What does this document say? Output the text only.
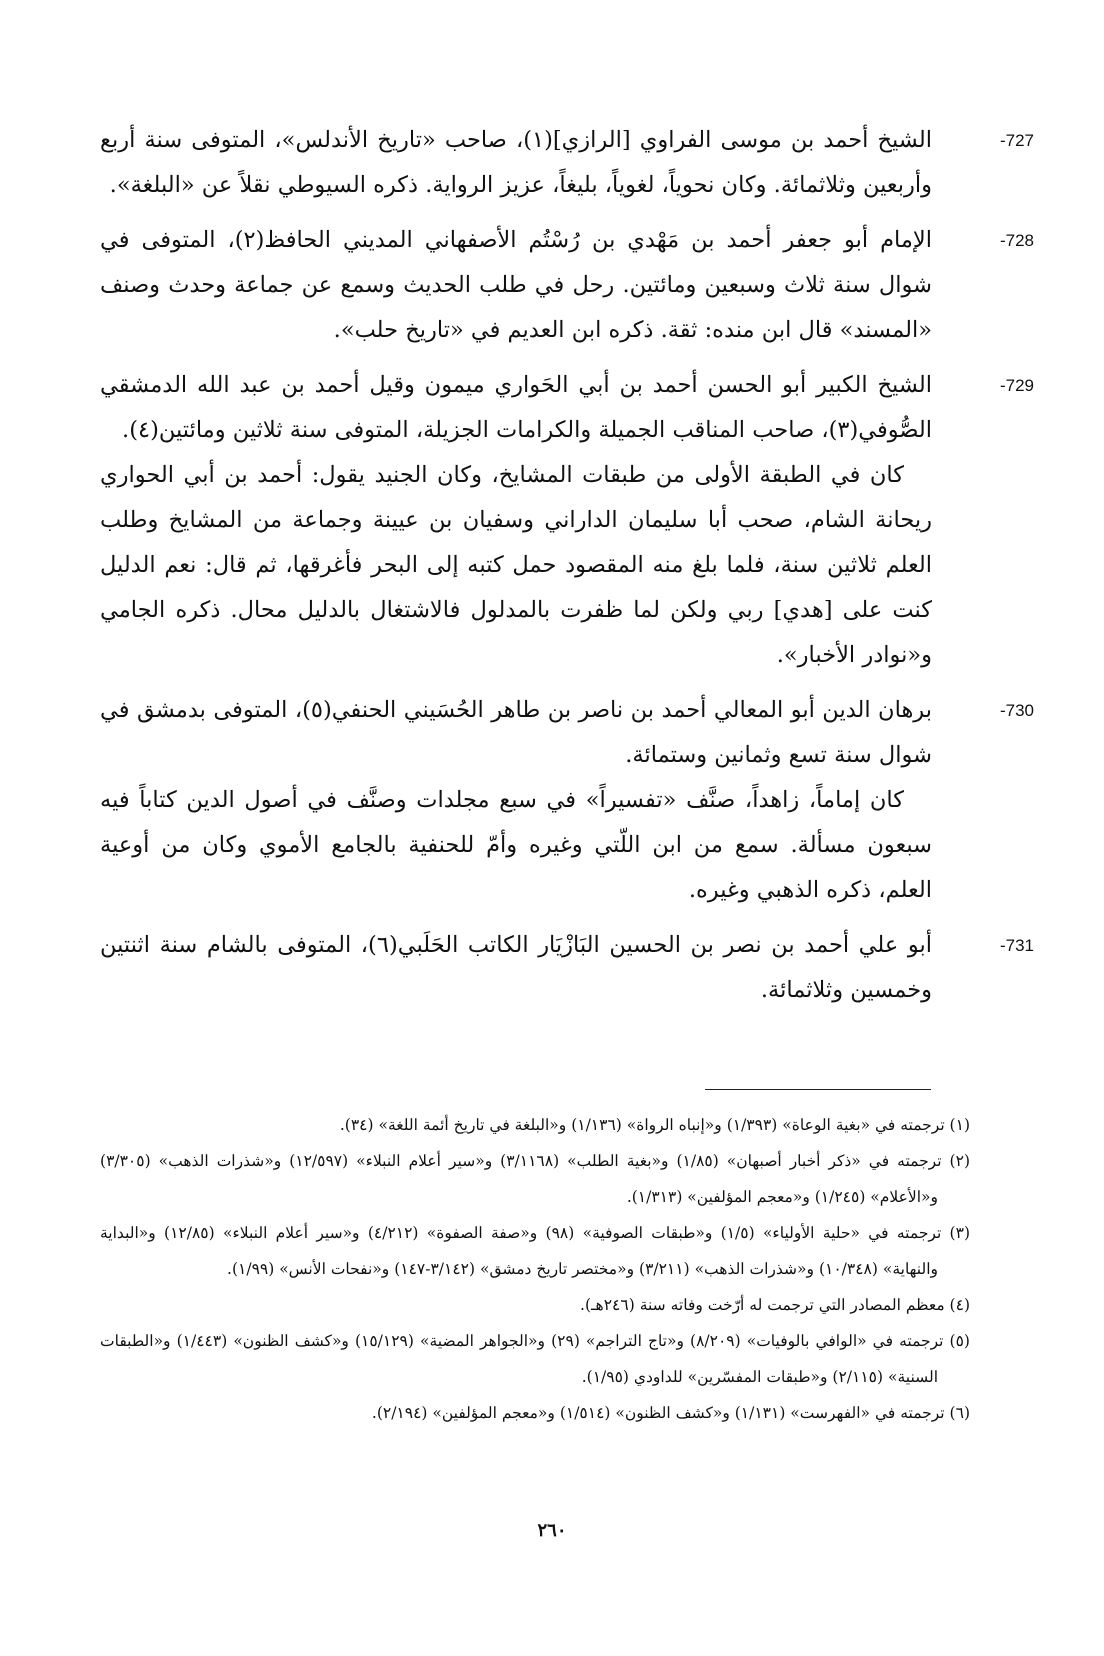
-727

الشيخ أحمد بن موسى الفراوي [الرازي](١)، صاحب «تاريخ الأندلس»، المتوفى سنة أربع وأربعين وثلاثمائة. وكان نحوياً، لغوياً، بليغاً، عزيز الرواية. ذكره السيوطي نقلاً عن «البلغة».

-728

الإمام أبو جعفر أحمد بن مَهْدي بن رُسْتُم الأصفهاني المديني الحافظ(٢)، المتوفى في شوال سنة ثلاث وسبعين ومائتين. رحل في طلب الحديث وسمع عن جماعة وحدث وصنف «المسند» قال ابن منده: ثقة. ذكره ابن العديم في «تاريخ حلب».

-729

الشيخ الكبير أبو الحسن أحمد بن أبي الحَواري ميمون وقيل أحمد بن عبد الله الدمشقي الصُّوفي(٣)، صاحب المناقب الجميلة والكرامات الجزيلة، المتوفى سنة ثلاثين ومائتين(٤).

كان في الطبقة الأولى من طبقات المشايخ، وكان الجنيد يقول: أحمد بن أبي الحواري ريحانة الشام، صحب أبا سليمان الداراني وسفيان بن عيينة وجماعة من المشايخ وطلب العلم ثلاثين سنة، فلما بلغ منه المقصود حمل كتبه إلى البحر فأغرقها، ثم قال: نعم الدليل كنت على [هدي] ربي ولكن لما ظفرت بالمدلول فالاشتغال بالدليل محال. ذكره الجامي و«نوادر الأخبار».

-730

برهان الدين أبو المعالي أحمد بن ناصر بن طاهر الحُسَيني الحنفي(٥)، المتوفى بدمشق في شوال سنة تسع وثمانين وستمائة.

كان إماماً، زاهداً، صنَّف «تفسيراً» في سبع مجلدات وصنَّف في أصول الدين كتاباً فيه سبعون مسألة. سمع من ابن اللّتي وغيره وأمّ للحنفية بالجامع الأموي وكان من أوعية العلم، ذكره الذهبي وغيره.

-731

أبو علي أحمد بن نصر بن الحسين البَازْيَار الكاتب الحَلَبي(٦)، المتوفى بالشام سنة اثنتين وخمسين وثلاثمائة.

(١) ترجمته في «بغية الوعاة» (١/٣٩٣) و«إنباه الرواة» (١/١٣٦) و«البلغة في تاريخ أئمة اللغة» (٣٤).

(٢) ترجمته في «ذكر أخبار أصبهان» (١/٨٥) و«بغية الطلب» (٣/١١٦٨) و«سير أعلام النبلاء» (١٢/٥٩٧) و«شذرات الذهب» (٣/٣٠٥) و«الأعلام» (١/٢٤٥) و«معجم المؤلفين» (١/٣١٣).

(٣) ترجمته في «حلية الأولياء» (١/٥) و«طبقات الصوفية» (٩٨) و«صفة الصفوة» (٤/٢١٢) و«سير أعلام النبلاء» (١٢/٨٥) و«البداية والنهاية» (١٠/٣٤٨) و«شذرات الذهب» (٣/٢١١) و«مختصر تاريخ دمشق» (٣/١٤٢-١٤٧) و«نفحات الأنس» (١/٩٩).

(٤) معظم المصادر التي ترجمت له أرّخت وفاته سنة (٢٤٦هـ).

(٥) ترجمته في «الوافي بالوفيات» (٨/٢٠٩) و«تاج التراجم» (٢٩) و«الجواهر المضية» (١٥/١٢٩) و«كشف الظنون» (١/٤٤٣) و«الطبقات السنية» (٢/١١٥) و«طبقات المفسّرين» للداودي (١/٩٥).

(٦) ترجمته في «الفهرست» (١/١٣١) و«كشف الظنون» (١/٥١٤) و«معجم المؤلفين» (٢/١٩٤).

٢٦٠
